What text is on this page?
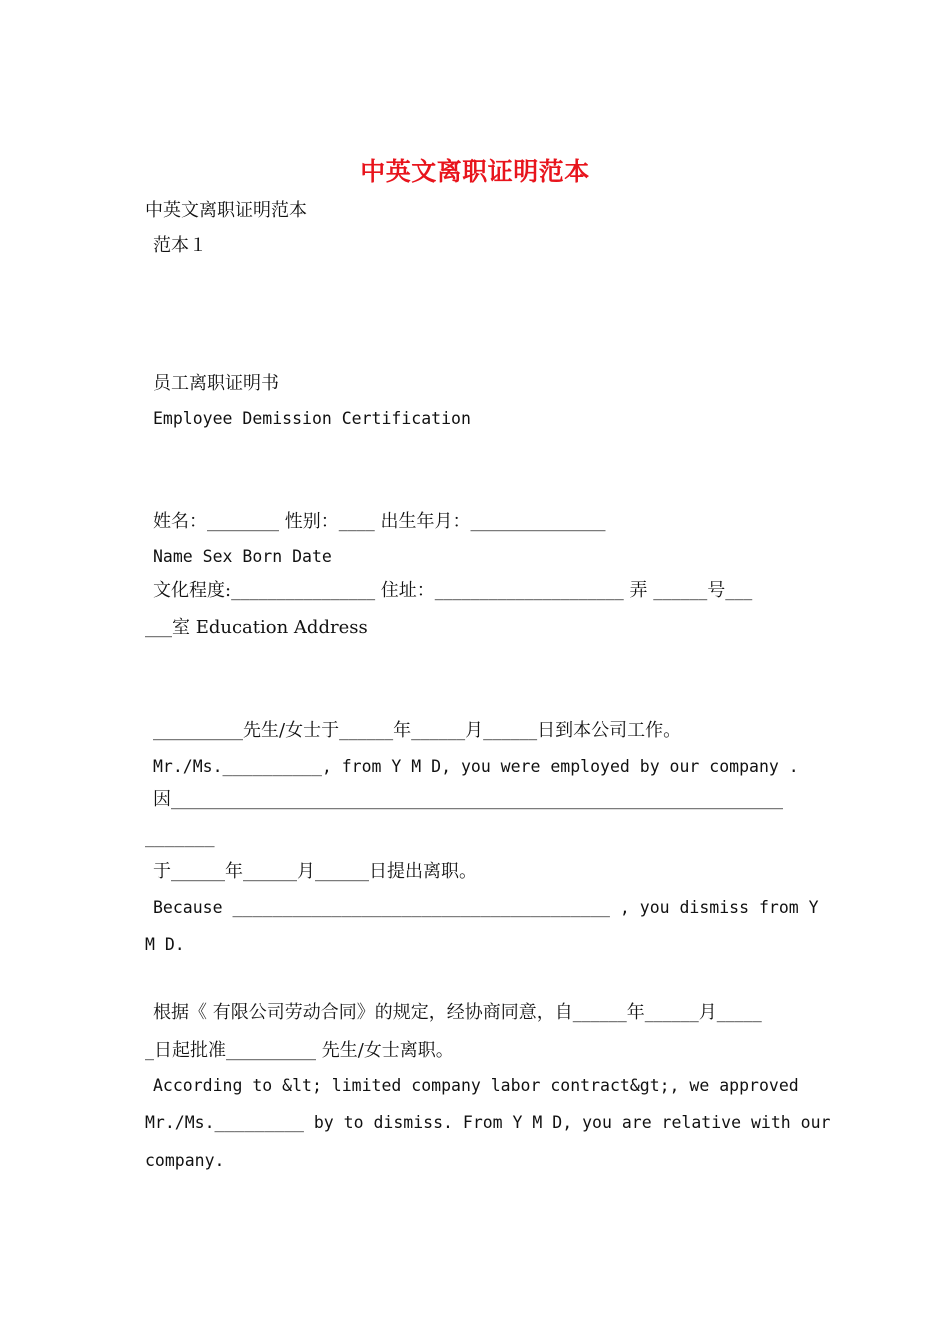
中英文离职证明范本
中英文离职证明范本
范本１
员工离职证明书
Employee Demission Certification
姓名：________ 性别：____ 出生年月：_______________
Name Sex Born Date
文化程度:________________ 住址：_____________________ 弄 ______号___
___室 Education Address
__________先生/女士于______年______月______日到本公司工作。
Mr./Ms.__________, from Y M D, you were employed by our company .
因____________________________________________________________________
_______
于______年______月______日提出离职。
Because ______________________________________ , you dismiss from Y
M D.
根据《 有限公司劳动合同》的规定，经协商同意，自______年______月_____
_日起批准__________ 先生/女士离职。
According to &lt; limited company labor contract&gt;, we approved
Mr./Ms._________ by to dismiss. From Y M D, you are relative with our
company.
